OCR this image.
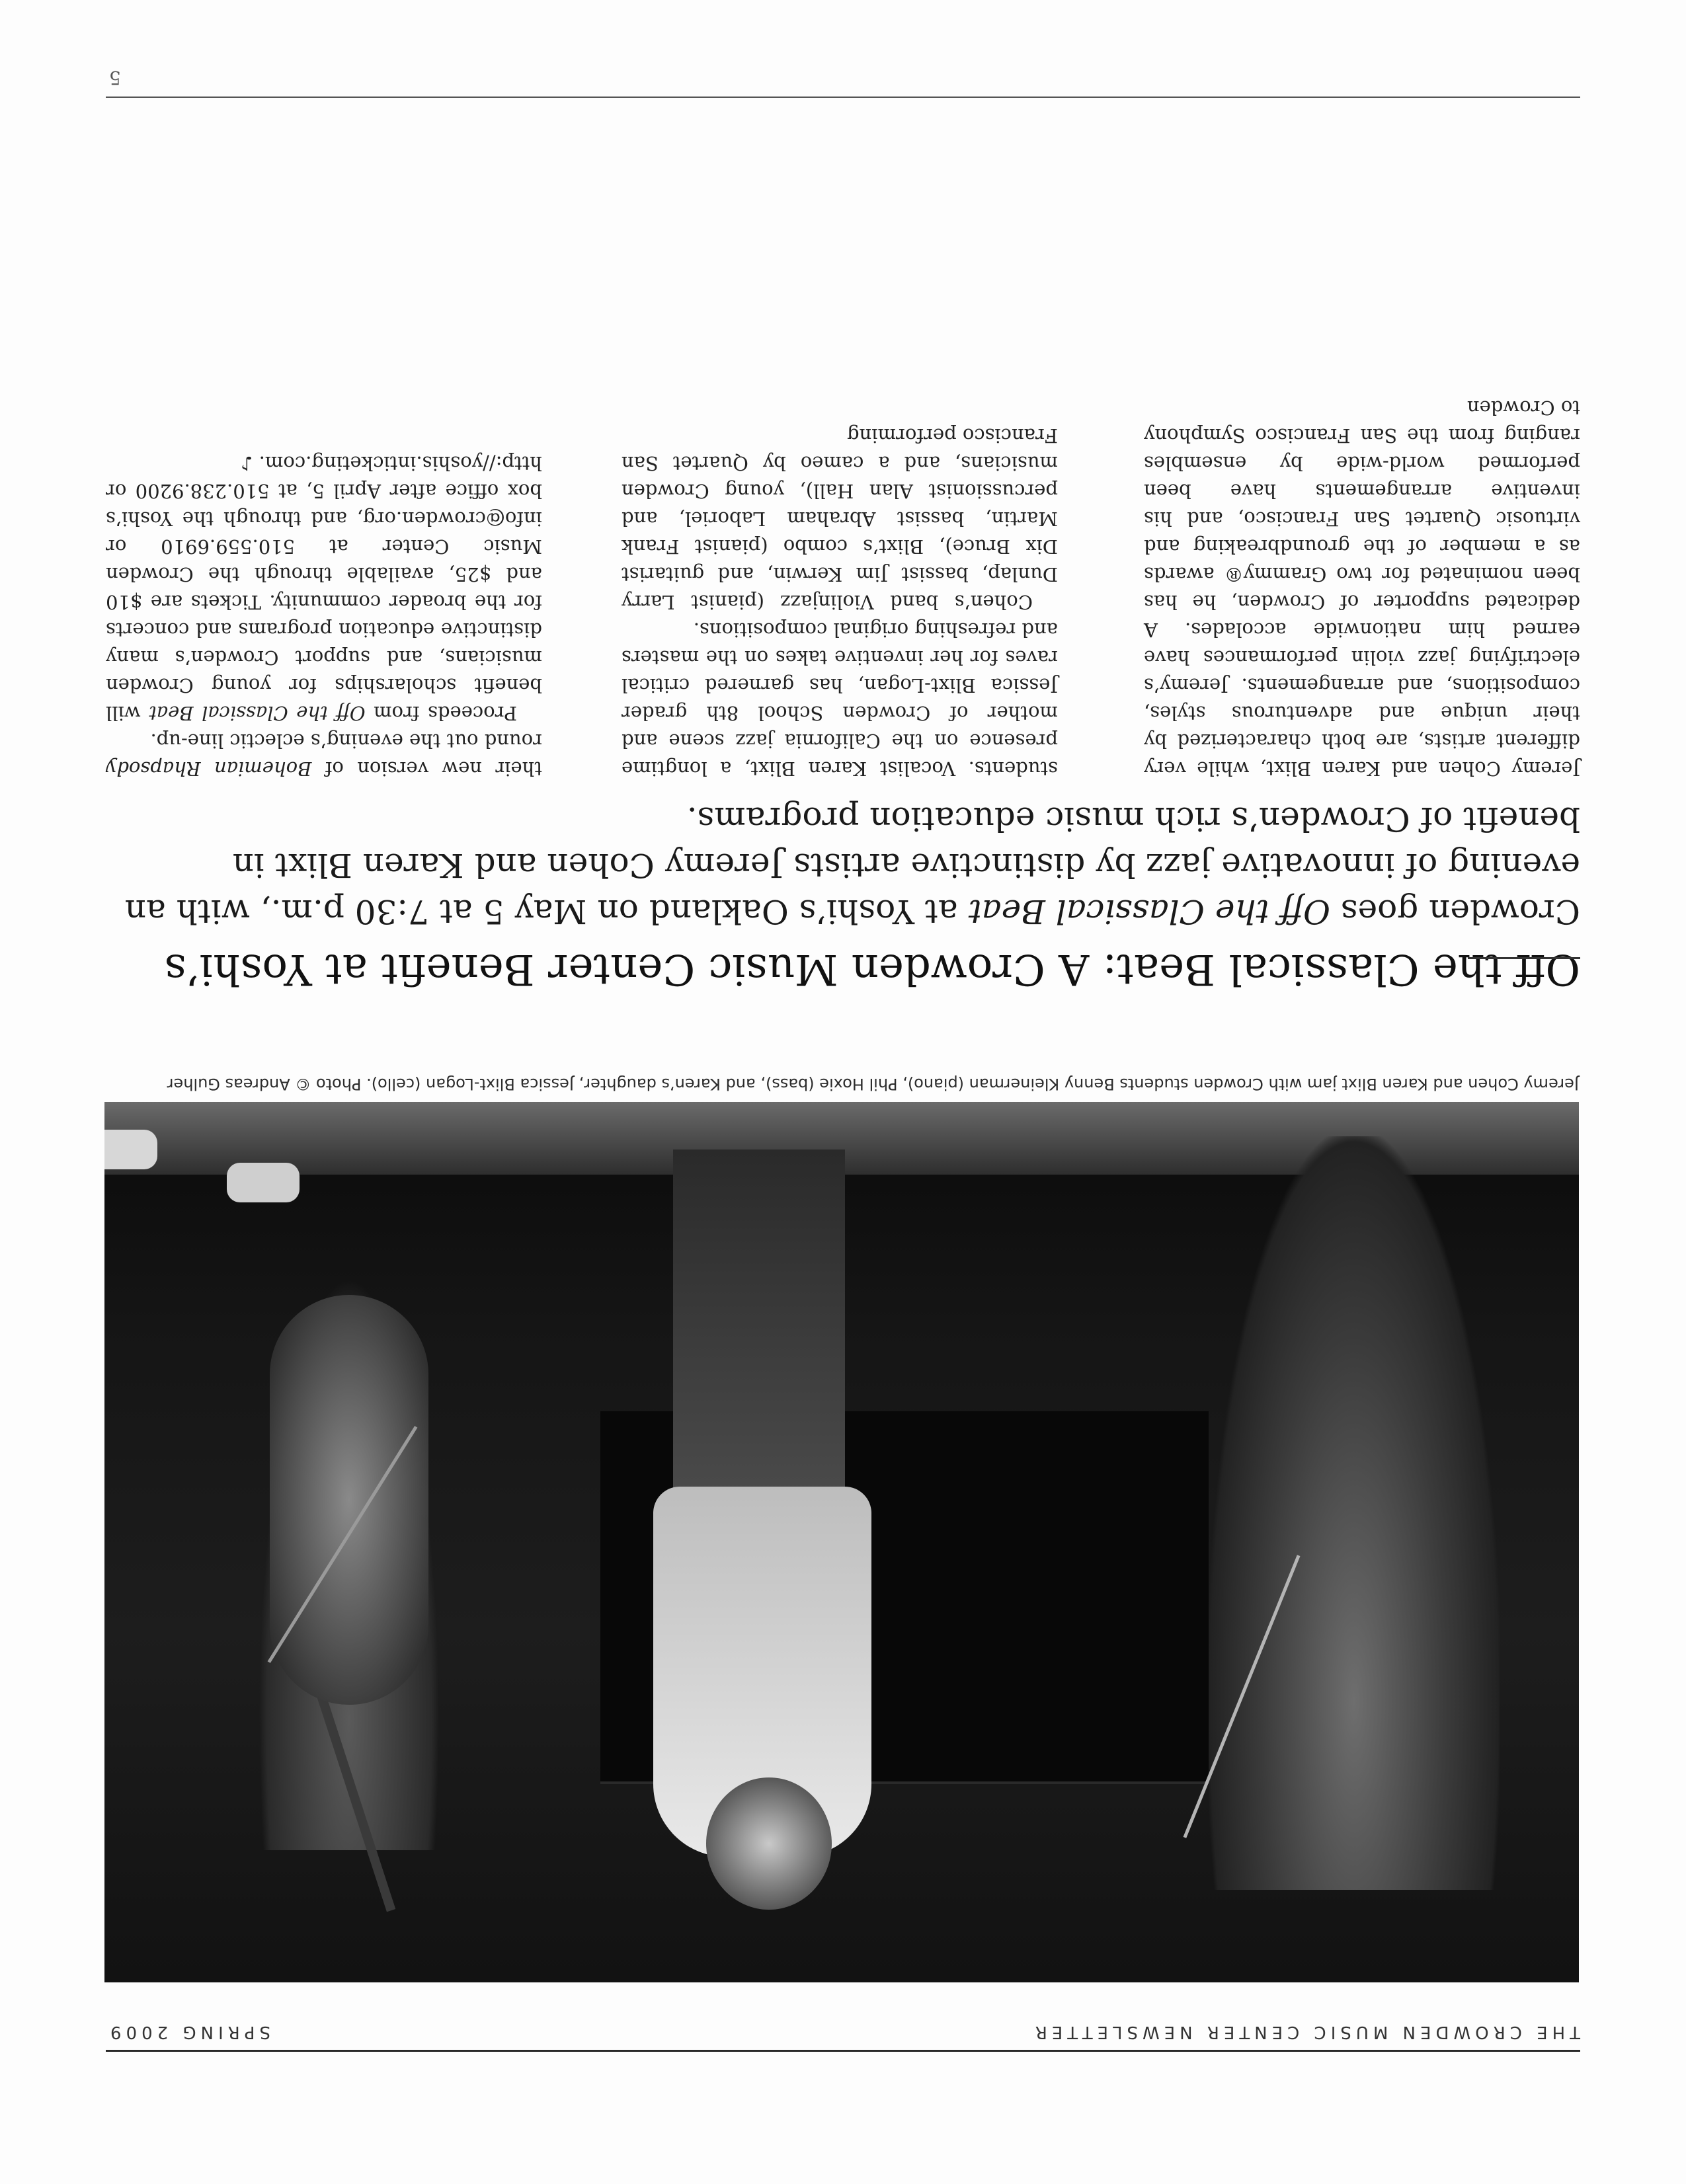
THE CROWDEN MUSIC CENTER NEWSLETTER
SPRING 2009
Jeremy Cohen and Karen Blixt jam with Crowden students Benny Kleinerman (piano), Phil Hoxie (bass), and Karen’s daughter, Jessica Blixt-Logan (cello). Photo © Andreas Gulher
Off the Classical Beat: A Crowden Music Center Benefit at Yoshi’s
Crowden goes Off the Classical Beat at Yoshi’s Oakland on May 5 at 7:30 p.m., with an evening of innovative jazz by distinctive artists Jeremy Cohen and Karen Blixt in benefit of Crowden’s rich music education programs.

Jeremy Cohen and Karen Blixt, while very different artists, are both characterized by their unique and adventurous styles, compositions, and arrangements. Jeremy’s electrifying jazz violin performances have earned him nationwide accolades. A dedicated supporter of Crowden, he has been nominated for two Grammy® awards as a member of the groundbreaking and virtuosic Quartet San Francisco, and his inventive arrangements have been performed world-wide by ensembles ranging from the San Francisco Symphony to Crowden

students. Vocalist Karen Blixt, a longtime presence on the California jazz scene and mother of Crowden School 8th grader Jessica Blixt-Logan, has garnered critical raves for her inventive takes on the masters and refreshing original compositions.

Cohen’s band Violinjazz (pianist Larry Dunlap, bassist Jim Kerwin, and guitarist Dix Bruce), Blixt’s combo (pianist Frank Martin, bassist Abraham Laboriel, and percussionist Alan Hall), young Crowden musicians, and a cameo by Quartet San Francisco performing

their new version of Bohemian Rhapsody round out the evening’s eclectic line-up.

Proceeds from Off the Classical Beat will benefit scholarships for young Crowden musicians, and support Crowden’s many distinctive education programs and concerts for the broader community. Tickets are $10 and $25, available through the Crowden Music Center at 510.559.6910 or info@crowden.org, and through the Yoshi’s box office after April 5, at 510.238.9200 or http://yoshis.inticketing.com. ♪

5
